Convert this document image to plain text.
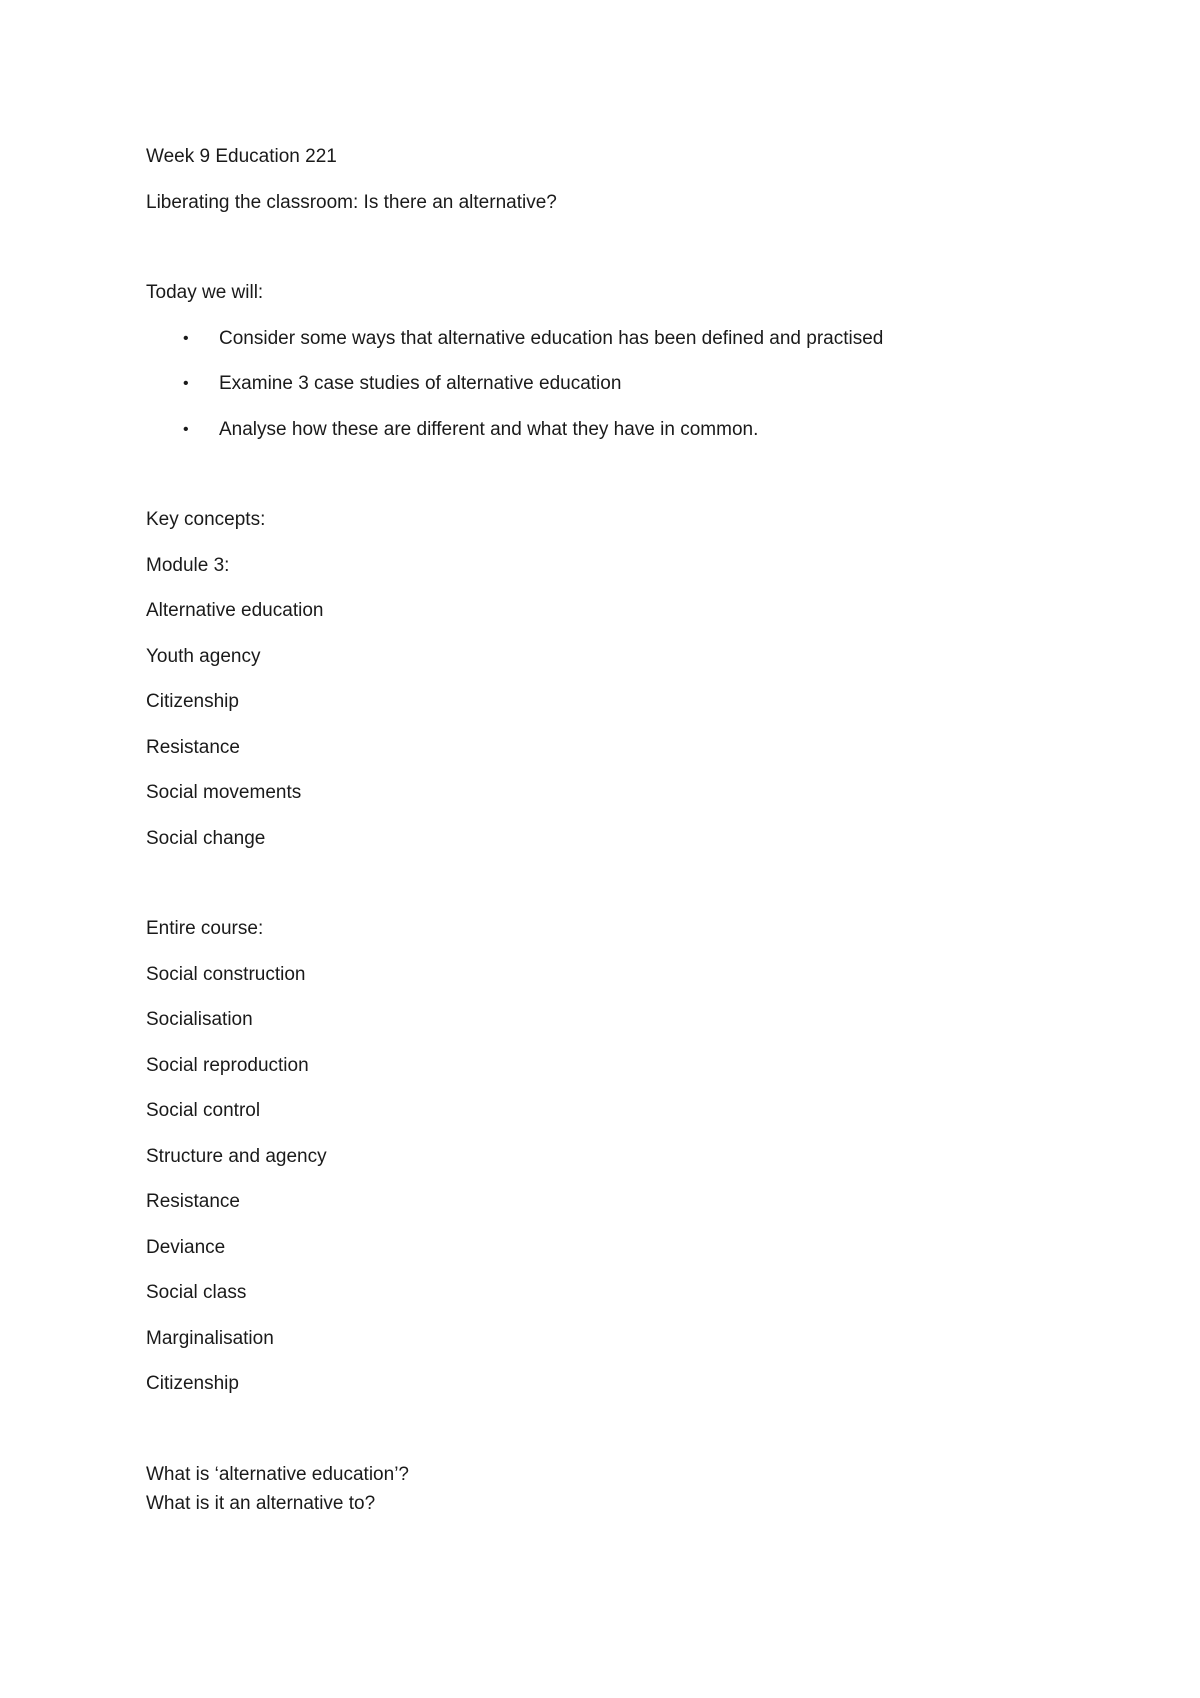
Week 9 Education 221
Liberating the classroom: Is there an alternative?
Today we will:
• Consider some ways that alternative education has been defined and practised
• Examine 3 case studies of alternative education
• Analyse how these are different and what they have in common.
Key concepts:
Module 3:
Alternative education
Youth agency
Citizenship
Resistance
Social movements
Social change
Entire course:
Social construction
Socialisation
Social reproduction
Social control
Structure and agency
Resistance
Deviance
Social class
Marginalisation
Citizenship
What is ‘alternative education’?
What is it an alternative to?
